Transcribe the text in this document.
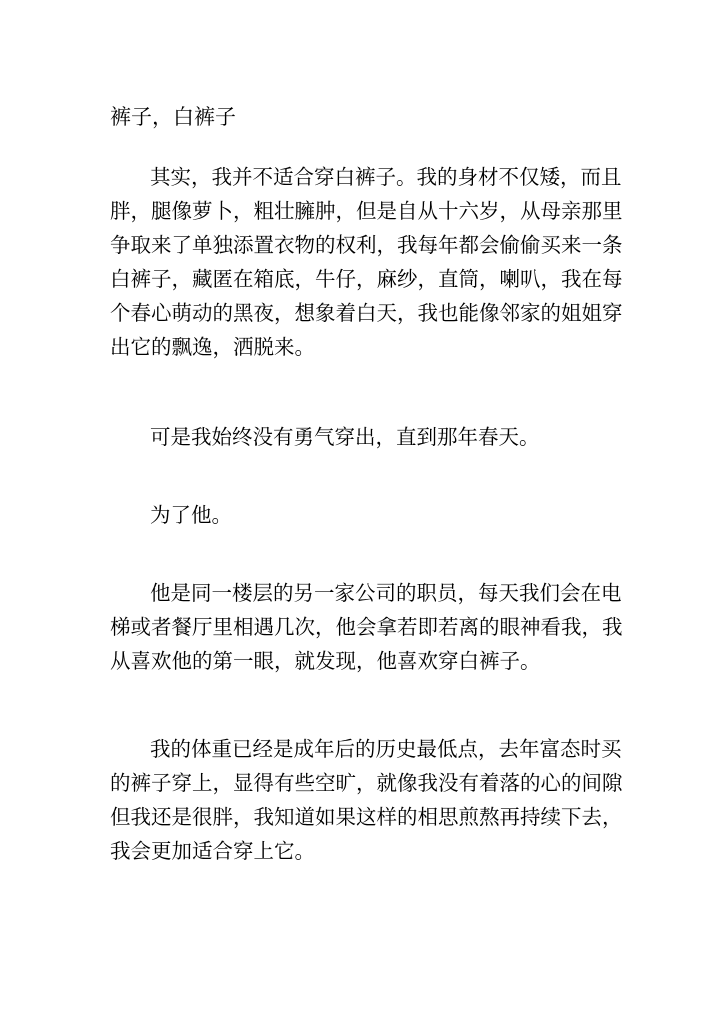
裤子，白裤子

其实，我并不适合穿白裤子。我的身材不仅矮，而且

胖，腿像萝卜，粗壮臃肿，但是自从十六岁，从母亲那里

争取来了单独添置衣物的权利，我每年都会偷偷买来一条

白裤子，藏匿在箱底，牛仔，麻纱，直筒，喇叭，我在每

个春心萌动的黑夜，想象着白天，我也能像邻家的姐姐穿

出它的飘逸，洒脱来。

可是我始终没有勇气穿出，直到那年春天。

为了他。

他是同一楼层的另一家公司的职员，每天我们会在电

梯或者餐厅里相遇几次，他会拿若即若离的眼神看我，我

从喜欢他的第一眼，就发现，他喜欢穿白裤子。

我的体重已经是成年后的历史最低点，去年富态时买

的裤子穿上，显得有些空旷，就像我没有着落的心的间隙

但我还是很胖，我知道如果这样的相思煎熬再持续下去，

我会更加适合穿上它。
